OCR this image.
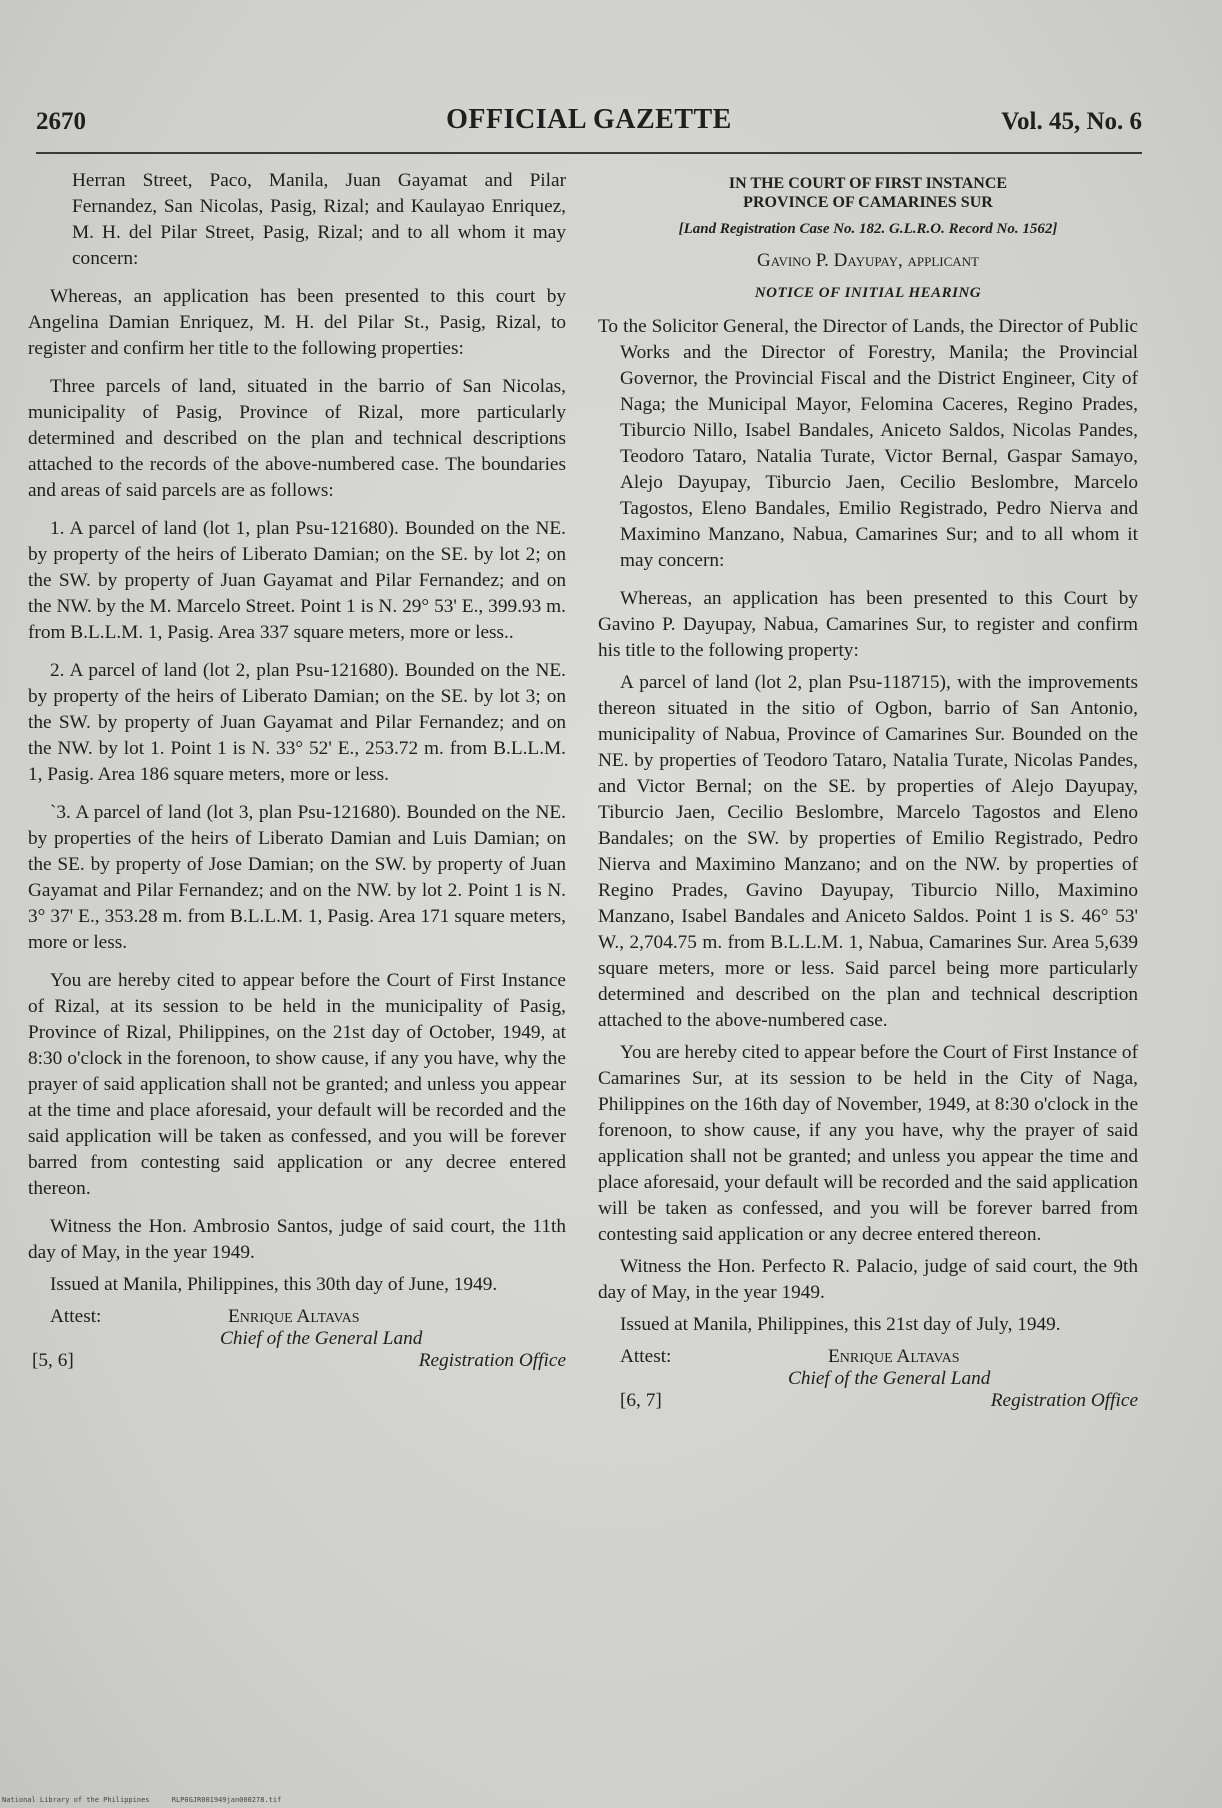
2670	OFFICIAL GAZETTE	Vol. 45, No. 6

Herran Street, Paco, Manila, Juan Gayamat and Pilar Fernandez, San Nicolas, Pasig, Rizal; and Kaulayao Enriquez, M. H. del Pilar Street, Pasig, Rizal; and to all whom it may concern:

Whereas, an application has been presented to this court by Angelina Damian Enriquez, M. H. del Pilar St., Pasig, Rizal, to register and confirm her title to the following properties:

Three parcels of land, situated in the barrio of San Nicolas, municipality of Pasig, Province of Rizal, more particularly determined and described on the plan and technical descriptions attached to the records of the above-numbered case. The boundaries and areas of said parcels are as follows:

1. A parcel of land (lot 1, plan Psu-121680). Bounded on the NE. by property of the heirs of Liberato Damian; on the SE. by lot 2; on the SW. by property of Juan Gayamat and Pilar Fernandez; and on the NW. by the M. Marcelo Street. Point 1 is N. 29° 53' E., 399.93 m. from B.L.L.M. 1, Pasig. Area 337 square meters, more or less..

2. A parcel of land (lot 2, plan Psu-121680). Bounded on the NE. by property of the heirs of Liberato Damian; on the SE. by lot 3; on the SW. by property of Juan Gayamat and Pilar Fernandez; and on the NW. by lot 1. Point 1 is N. 33° 52' E., 253.72 m. from B.L.L.M. 1, Pasig. Area 186 square meters, more or less.

`3. A parcel of land (lot 3, plan Psu-121680). Bounded on the NE. by properties of the heirs of Liberato Damian and Luis Damian; on the SE. by property of Jose Damian; on the SW. by property of Juan Gayamat and Pilar Fernandez; and on the NW. by lot 2. Point 1 is N. 3° 37' E., 353.28 m. from B.L.L.M. 1, Pasig. Area 171 square meters, more or less.

You are hereby cited to appear before the Court of First Instance of Rizal, at its session to be held in the municipality of Pasig, Province of Rizal, Philippines, on the 21st day of October, 1949, at 8:30 o'clock in the forenoon, to show cause, if any you have, why the prayer of said application shall not be granted; and unless you appear at the time and place aforesaid, your default will be recorded and the said application will be taken as confessed, and you will be forever barred from contesting said application or any decree entered thereon.

Witness the Hon. Ambrosio Santos, judge of said court, the 11th day of May, in the year 1949.

Issued at Manila, Philippines, this 30th day of June, 1949.

Attest:	Enrique Altavas
Chief of the General Land
[5, 6]	Registration Office
IN THE COURT OF FIRST INSTANCE
PROVINCE OF CAMARINES SUR
[Land Registration Case No. 182. G.L.R.O. Record No. 1562]
Gavino P. Dayupay, applicant
NOTICE OF INITIAL HEARING

To the Solicitor General, the Director of Lands, the Director of Public Works and the Director of Forestry, Manila; the Provincial Governor, the Provincial Fiscal and the District Engineer, City of Naga; the Municipal Mayor, Felomina Caceres, Regino Prades, Tiburcio Nillo, Isabel Bandales, Aniceto Saldos, Nicolas Pandes, Teodoro Tataro, Natalia Turate, Victor Bernal, Gaspar Samayo, Alejo Dayupay, Tiburcio Jaen, Cecilio Beslombre, Marcelo Tagostos, Eleno Bandales, Emilio Registrado, Pedro Nierva and Maximino Manzano, Nabua, Camarines Sur; and to all whom it may concern:

Whereas, an application has been presented to this Court by Gavino P. Dayupay, Nabua, Camarines Sur, to register and confirm his title to the following property:

A parcel of land (lot 2, plan Psu-118715), with the improvements thereon situated in the sitio of Ogbon, barrio of San Antonio, municipality of Nabua, Province of Camarines Sur. Bounded on the NE. by properties of Teodoro Tataro, Natalia Turate, Nicolas Pandes, and Victor Bernal; on the SE. by properties of Alejo Dayupay, Tiburcio Jaen, Cecilio Beslombre, Marcelo Tagostos and Eleno Bandales; on the SW. by properties of Emilio Registrado, Pedro Nierva and Maximino Manzano; and on the NW. by properties of Regino Prades, Gavino Dayupay, Tiburcio Nillo, Maximino Manzano, Isabel Bandales and Aniceto Saldos. Point 1 is S. 46° 53' W., 2,704.75 m. from B.L.L.M. 1, Nabua, Camarines Sur. Area 5,639 square meters, more or less. Said parcel being more particularly determined and described on the plan and technical description attached to the above-numbered case.

You are hereby cited to appear before the Court of First Instance of Camarines Sur, at its session to be held in the City of Naga, Philippines on the 16th day of November, 1949, at 8:30 o'clock in the forenoon, to show cause, if any you have, why the prayer of said application shall not be granted; and unless you appear the time and place aforesaid, your default will be recorded and the said application will be taken as confessed, and you will be forever barred from contesting said application or any decree entered thereon.

Witness the Hon. Perfecto R. Palacio, judge of said court, the 9th day of May, in the year 1949.

Issued at Manila, Philippines, this 21st day of July, 1949.

Attest:	Enrique Altavas
Chief of the General Land
[6, 7]	Registration Office
National Library of the Philippines	RLP0GJR001949jan000278.tif
